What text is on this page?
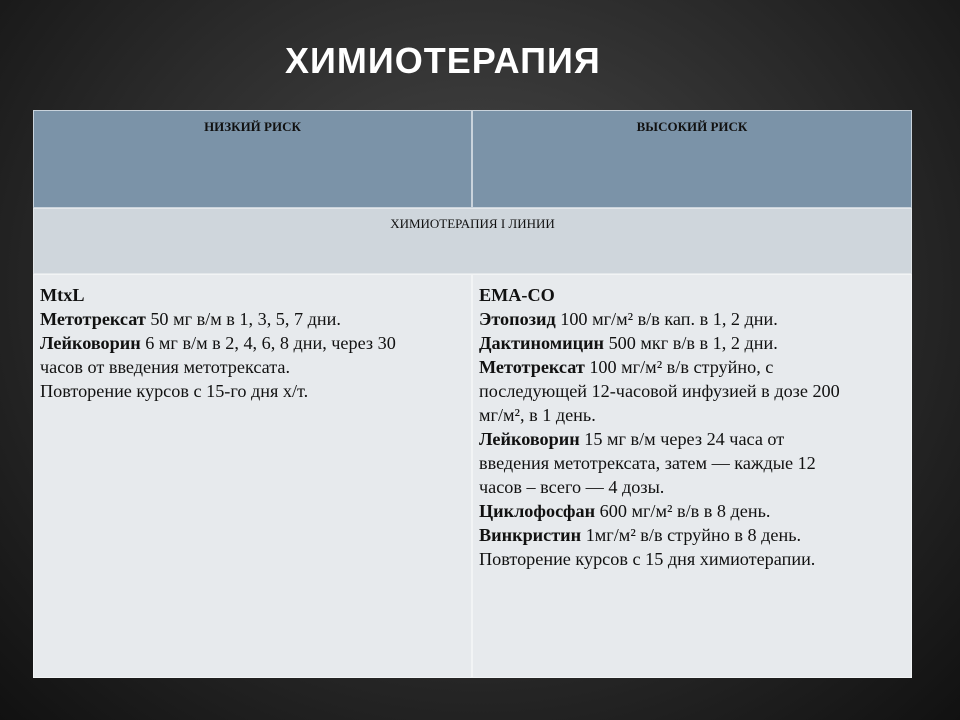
ХИМИОТЕРАПИЯ
НИЗКИЙ РИСК	ВЫСОКИЙ РИСК
ХИМИОТЕРАПИЯ I ЛИНИИ
MtxL
Метотрексат 50 мг в/м в 1, 3, 5, 7 дни.
Лейковорин 6 мг в/м в 2, 4, 6, 8 дни, через 30
часов от введения метотрексата.
Повторение курсов с 15-го дня х/т.
EMA-CO
Этопозид 100 мг/м² в/в кап. в 1, 2 дни.
Дактиномицин 500 мкг в/в в 1, 2 дни.
Метотрексат 100 мг/м² в/в струйно, с
последующей 12-часовой инфузией в дозе 200
мг/м², в 1 день.
Лейковорин 15 мг в/м через 24 часа от
введения метотрексата, затем — каждые 12
часов – всего — 4 дозы.
Циклофосфан 600 мг/м² в/в в 8 день.
Винкристин 1мг/м² в/в струйно в 8 день.
Повторение курсов с 15 дня химиотерапии.
